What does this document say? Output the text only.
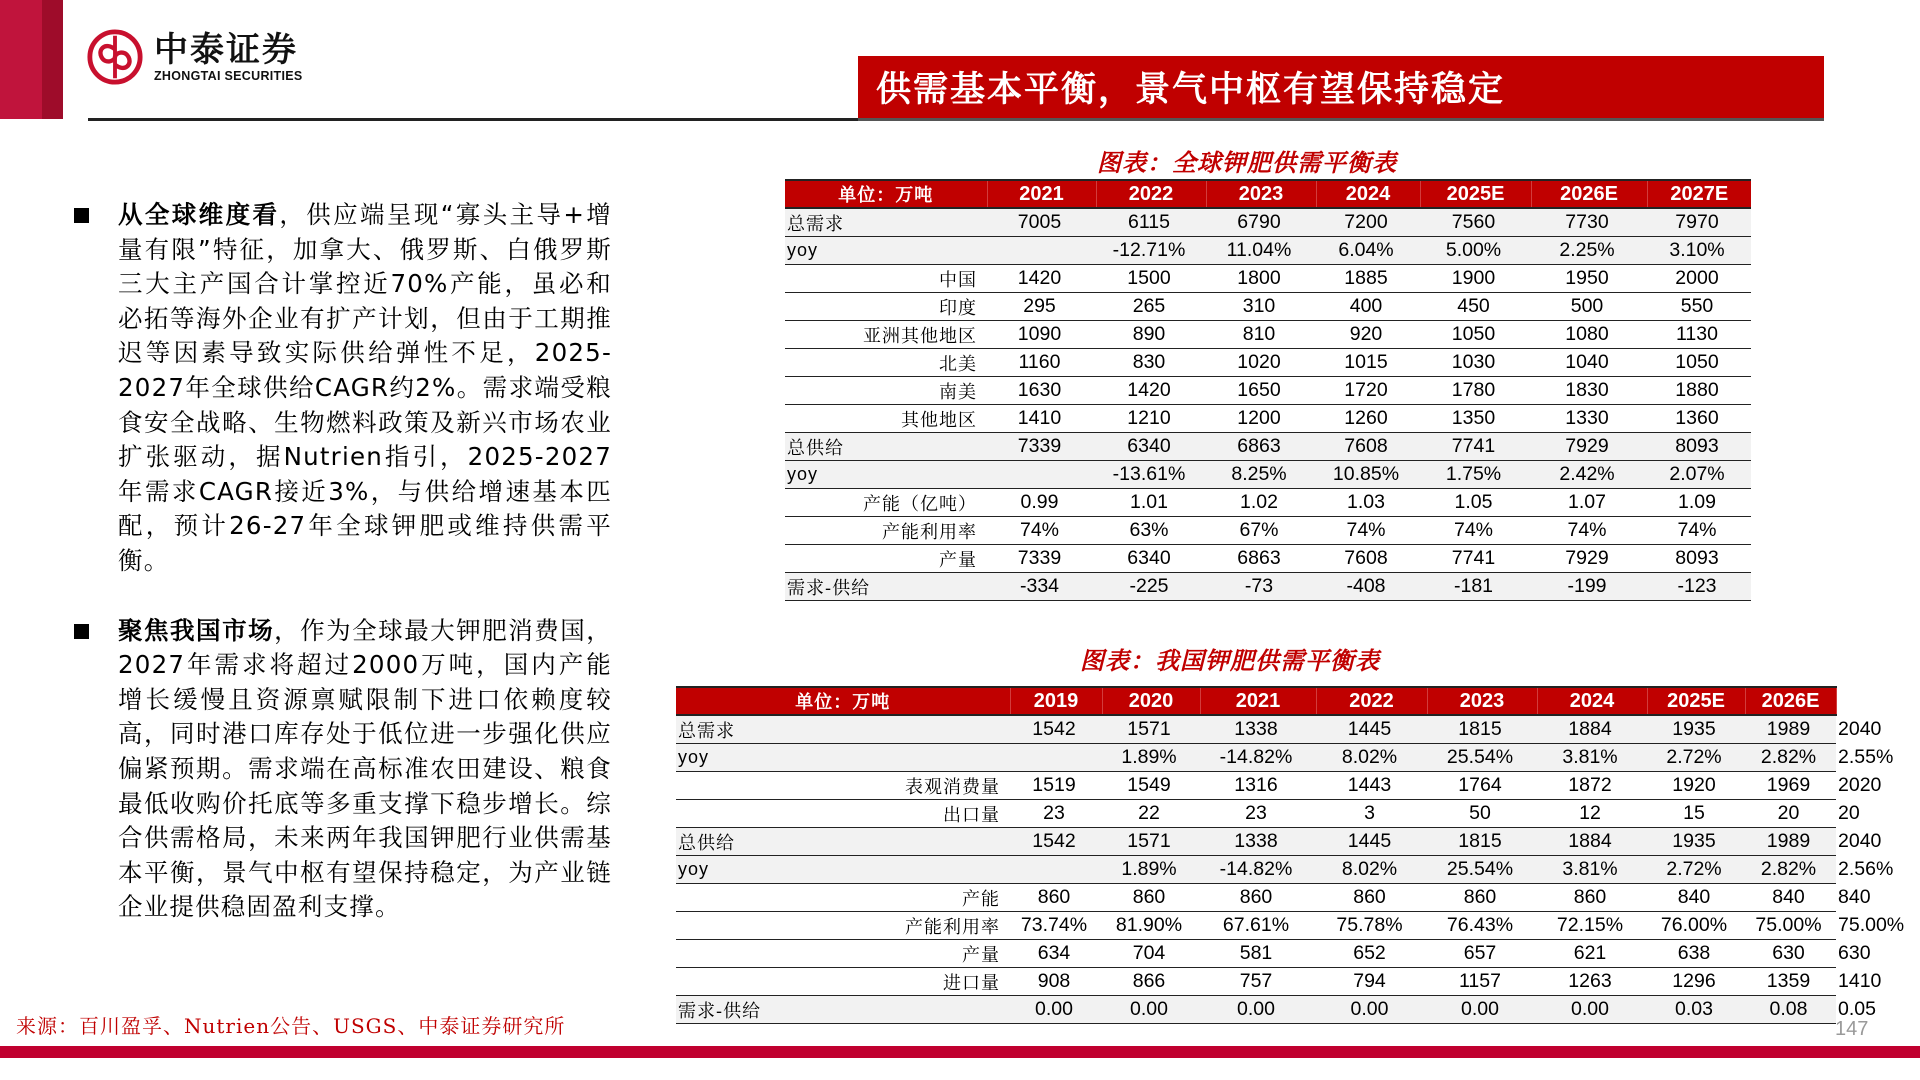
中泰证券
ZHONGTAI SECURITIES	供需基本平衡，景气中枢有望保持稳定
从全球维度看，供应端呈现“寡头主导+增量有限”特征，加拿大、俄罗斯、白俄罗斯三大主产国合计掌控近70%产能，虽必和必拓等海外企业有扩产计划，但由于工期推迟等因素导致实际供给弹性不足，2025-2027年全球供给CAGR约2%。需求端受粮食安全战略、生物燃料政策及新兴市场农业扩张驱动，据Nutrien指引，2025-2027年需求CAGR接近3%，与供给增速基本匹配，预计26-27年全球钾肥或维持供需平衡。
聚焦我国市场，作为全球最大钾肥消费国，2027年需求将超过2000万吨，国内产能增长缓慢且资源禀赋限制下进口依赖度较高，同时港口库存处于低位进一步强化供应偏紧预期。需求端在高标准农田建设、粮食最低收购价托底等多重支撑下稳步增长。综合供需格局，未来两年我国钾肥行业供需基本平衡，景气中枢有望保持稳定，为产业链企业提供稳固盈利支撑。
图表：全球钾肥供需平衡表
单位：万吨	2021	2022	2023	2024	2025E	2026E	2027E
总需求	7005	6115	6790	7200	7560	7730	7970
yoy		-12.71%	11.04%	6.04%	5.00%	2.25%	3.10%
中国	1420	1500	1800	1885	1900	1950	2000
印度	295	265	310	400	450	500	550
亚洲其他地区	1090	890	810	920	1050	1080	1130
北美	1160	830	1020	1015	1030	1040	1050
南美	1630	1420	1650	1720	1780	1830	1880
其他地区	1410	1210	1200	1260	1350	1330	1360
总供给	7339	6340	6863	7608	7741	7929	8093
yoy		-13.61%	8.25%	10.85%	1.75%	2.42%	2.07%
产能（亿吨）	0.99	1.01	1.02	1.03	1.05	1.07	1.09
产能利用率	74%	63%	67%	74%	74%	74%	74%
产量	7339	6340	6863	7608	7741	7929	8093
需求-供给	-334	-225	-73	-408	-181	-199	-123
图表：我国钾肥供需平衡表
单位：万吨	2019	2020	2021	2022	2023	2024	2025E	2026E	2027E
总需求	1542	1571	1338	1445	1815	1884	1935	1989	2040
yoy		1.89%	-14.82%	8.02%	25.54%	3.81%	2.72%	2.82%	2.55%
表观消费量	1519	1549	1316	1443	1764	1872	1920	1969	2020
出口量	23	22	23	3	50	12	15	20	20
总供给	1542	1571	1338	1445	1815	1884	1935	1989	2040
yoy		1.89%	-14.82%	8.02%	25.54%	3.81%	2.72%	2.82%	2.56%
产能	860	860	860	860	860	860	840	840	840
产能利用率	73.74%	81.90%	67.61%	75.78%	76.43%	72.15%	76.00%	75.00%	75.00%
产量	634	704	581	652	657	621	638	630	630
进口量	908	866	757	794	1157	1263	1296	1359	1410
需求-供给	0.00	0.00	0.00	0.00	0.00	0.00	0.03	0.08	0.05
来源：百川盈孚、Nutrien公告、USGS、中泰证券研究所	147
